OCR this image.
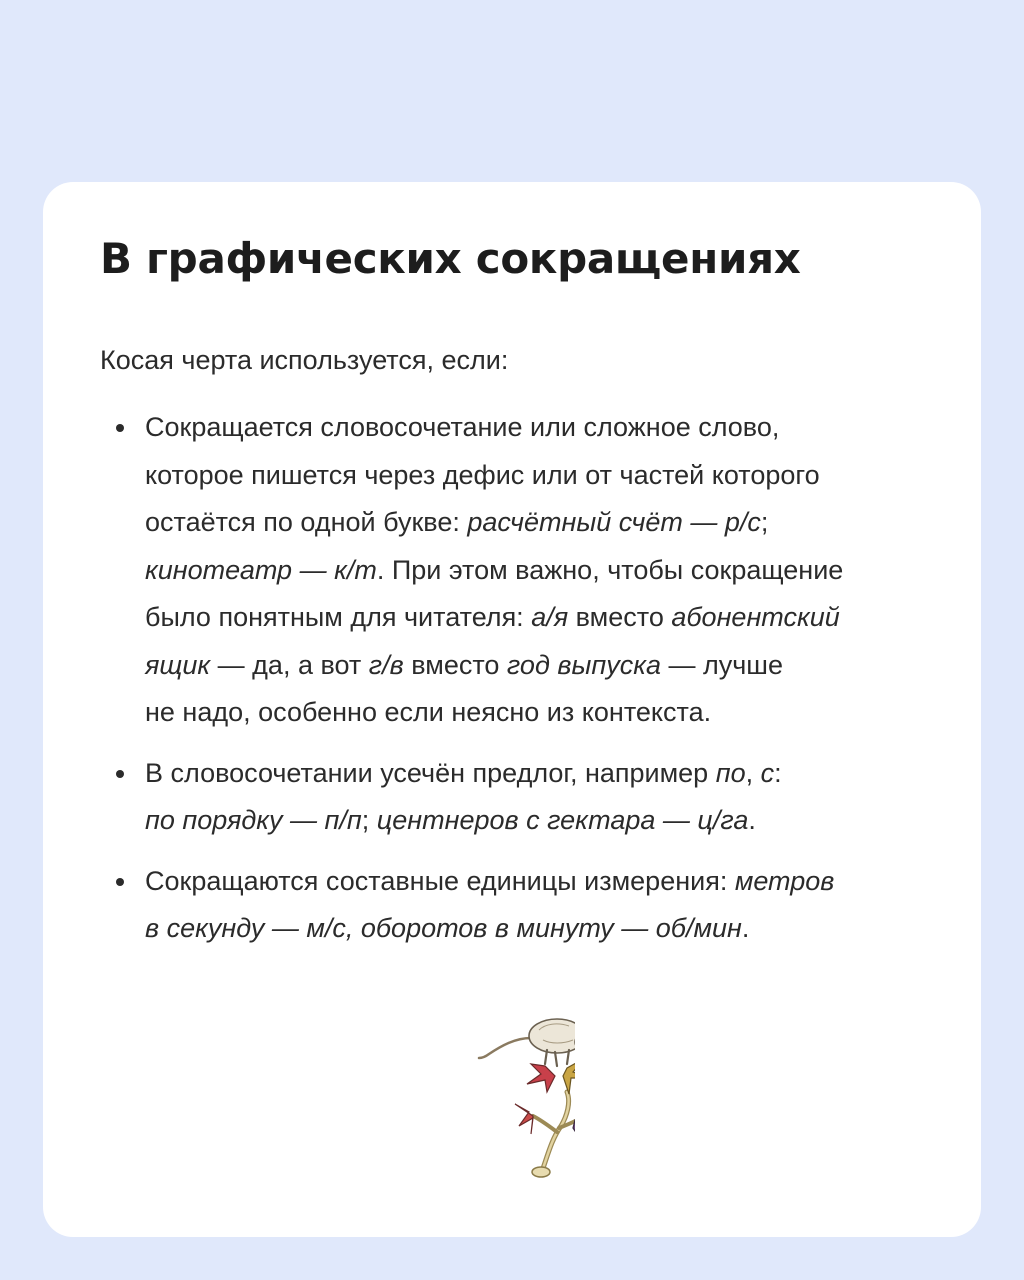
В графических сокращениях

Косая черта используется, если:

Сокращается словосочетание или сложное слово,
которое пишется через дефис или от частей которого
остаётся по одной букве: расчётный счёт — р/с;
кинотеатр — к/т. При этом важно, чтобы сокращение
было понятным для читателя: а/я вместо абонентский
ящик — да, а вот г/в вместо год выпуска — лучше
не надо, особенно если неясно из контекста.
В словосочетании усечён предлог, например по, с:
по порядку — п/п; центнеров с гектара — ц/га.
Сокращаются составные единицы измерения: метров
в секунду — м/с, оборотов в минуту — об/мин.
